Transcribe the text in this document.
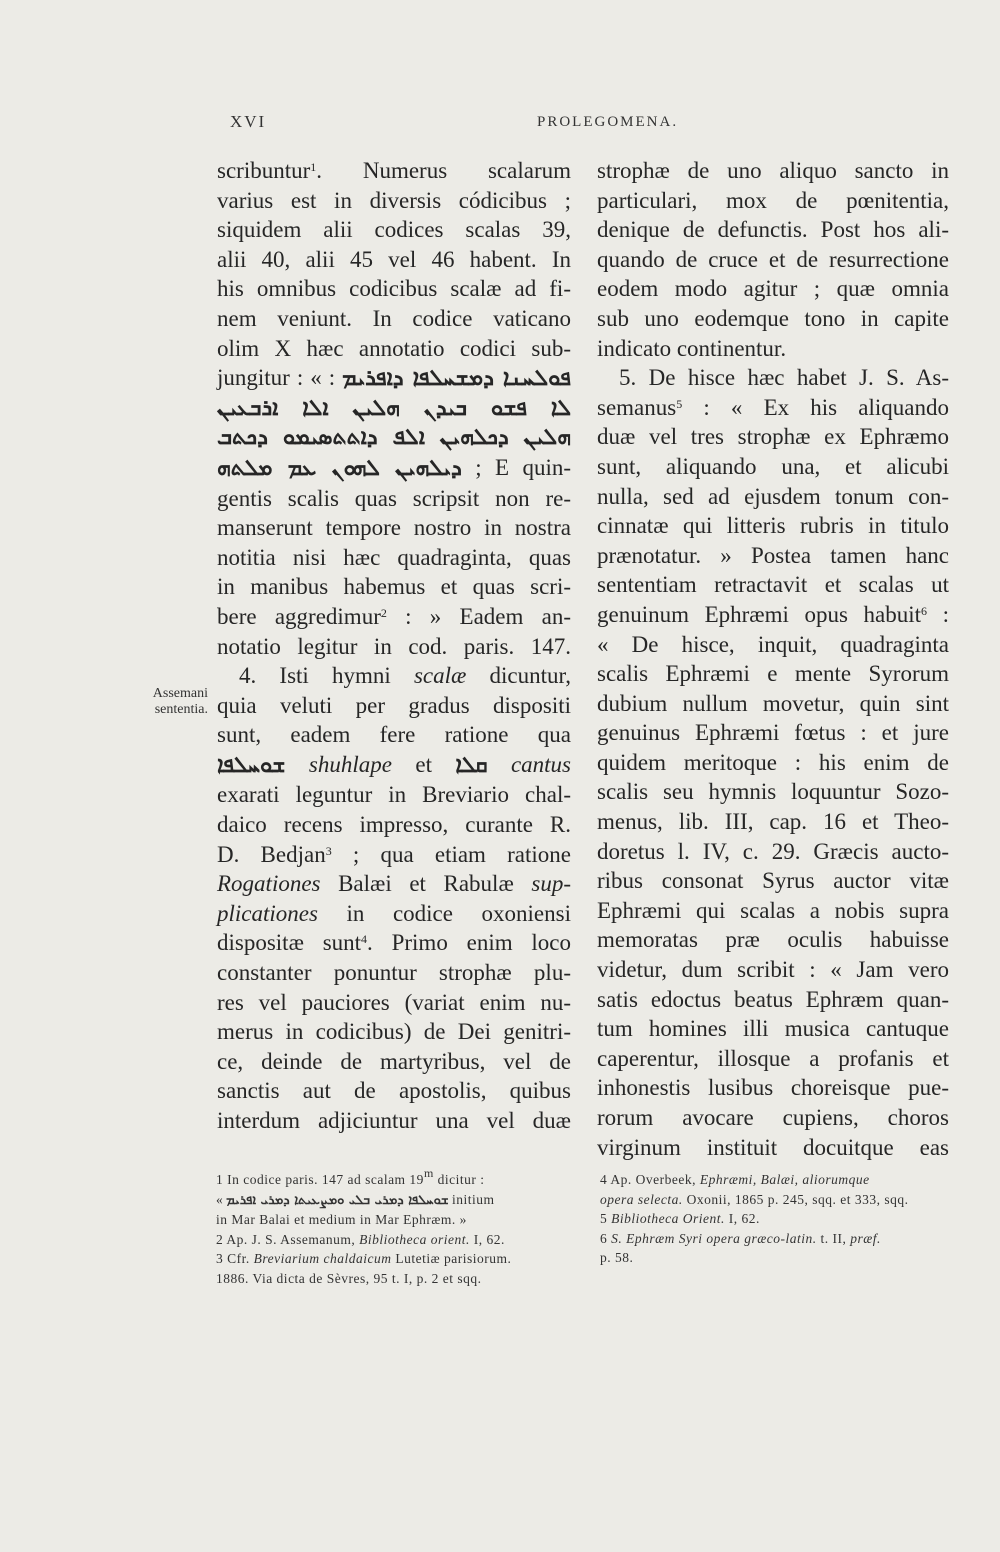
XVI	PROLEGOMENA.
Assemani
sententia.
scribuntur$^1$. Numerus scalarum
varius est in diversis códicibus ;
siquidem alii codices scalas 39,
alii 40, alii 45 vel 46 habent. In
his omnibus codicibus scalæ ad fi-
nem veniunt. In codice vaticano
olim X hæc annotatio codici sub-
jungitur : « : ܦܘܠܚܢܐ ܕܡܫܚܠܦܐ ܕܐܦܪܝܡ
ܠܐ ܦܫܘ ܒܝܕܢ ܗܠܝܢ ܐܠܐ ܐܪܒܥܝܢ
ܗܠܝܢ ܕܟܠܗܝܢ ܐܠܦ ܕܐܬܬܣܝܡܘ ܕܟܬܒ
ܕܝܠܗܝܢ ܠܗܘܢ ܥܡ ܡܠܬܗ ; E quin-
gentis scalis quas scripsit non re-
manserunt tempore nostro in nostra
notitia nisi hæc quadraginta, quas
in manibus habemus et quas scri-
bere aggredimur$^2$ : » Eadem an-
notatio legitur in cod. paris. 147.
4. Isti hymni scalæ dicuntur,
quia veluti per gradus dispositi
sunt, eadem fere ratione qua
ܫܘܚܠܦܐ shuhlape et ܩܠܐ cantus
exarati leguntur in Breviario chal-
daico recens impresso, curante R.
D. Bedjan$^3$ ; qua etiam ratione
Rogationes Balæi et Rabulæ sup-
plicationes in codice oxoniensi
dispositæ sunt$^4$. Primo enim loco
constanter ponuntur strophæ plu-
res vel pauciores (variat enim nu-
merus in codicibus) de Dei genitri-
ce, deinde de martyribus, vel de
sanctis aut de apostolis, quibus
interdum adjiciuntur una vel duæ
strophæ de uno aliquo sancto in
particulari, mox de pœnitentia,
denique de defunctis. Post hos ali-
quando de cruce et de resurrectione
eodem modo agitur ; quæ omnia
sub uno eodemque tono in capite
indicato continentur.
5. De hisce hæc habet J. S. As-
semanus$^5$ : « Ex his aliquando
duæ vel tres strophæ ex Ephræmo
sunt, aliquando una, et alicubi
nulla, sed ad ejusdem tonum con-
cinnatæ qui litteris rubris in titulo
prænotatur. » Postea tamen hanc
sententiam retractavit et scalas ut
genuinum Ephræmi opus habuit$^6$ :
« De hisce, inquit, quadraginta
scalis Ephræmi e mente Syrorum
dubium nullum movetur, quin sint
genuinus Ephræmi fœtus : et jure
quidem meritoque : his enim de
scalis seu hymnis loquuntur Sozo-
menus, lib. III, cap. 16 et Theo-
doretus l. IV, c. 29. Græcis aucto-
ribus consonat Syrus auctor vitæ
Ephræmi qui scalas a nobis supra
memoratas præ oculis habuisse
videtur, dum scribit : « Jam vero
satis edoctus beatus Ephræm quan-
tum homines illi musica cantuque
caperentur, illosque a profanis et
inhonestis lusibus choreisque pue-
rorum avocare cupiens, choros
virginum instituit docuitque eas
1 In codice paris. 147 ad scalam 19$^m$ dicitur :
« ܫܘܚܠܦܐ ܕܡܪܝ ܒܠܝ ܘܡܨܥܝܬܐ ܕܡܪܝ ܐܦܪܝܡ initium
in Mar Balai et medium in Mar Ephræm. »
2 Ap. J. S. Assemanum, Bibliotheca orient. I, 62.
3 Cfr. Breviarium chaldaicum Lutetiæ parisiorum.
1886. Via dicta de Sèvres, 95 t. I, p. 2 et sqq.
4 Ap. Overbeek, Ephræmi, Balæi, aliorumque
opera selecta. Oxonii, 1865 p. 245, sqq. et 333, sqq.
5 Bibliotheca Orient. I, 62.
6 S. Ephræm Syri opera græco-latin. t. II, præf.
p. 58.
